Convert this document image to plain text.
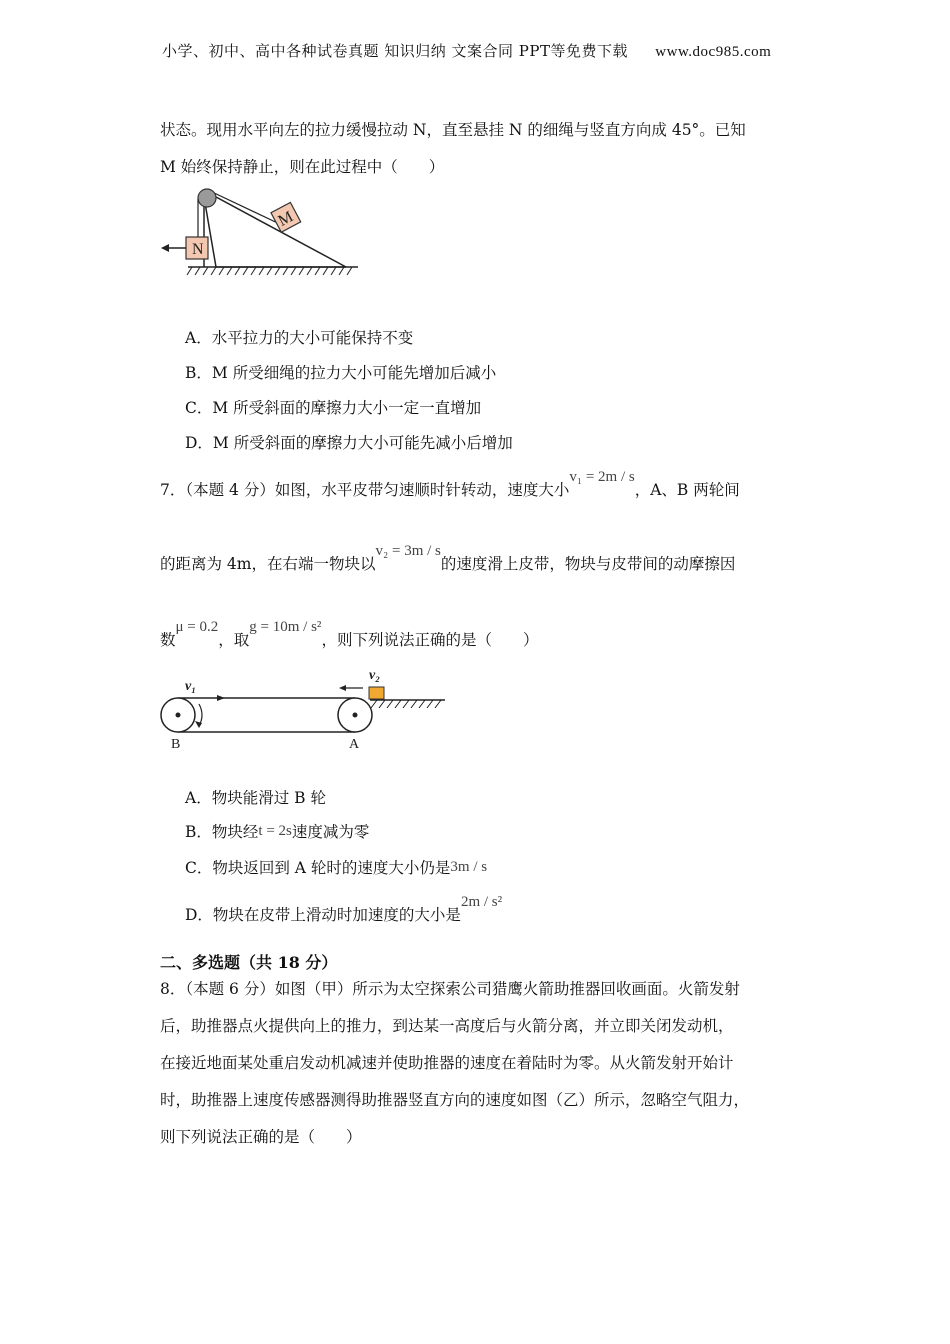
小学、初中、高中各种试卷真题 知识归纳 文案合同 PPT等免费下载 www.doc985.com
状态。现用水平向左的拉力缓慢拉动 N，直至悬挂 N 的细绳与竖直方向成 45°。已知
M 始终保持静止，则在此过程中（　　）
N
M
A．水平拉力的大小可能保持不变
B．M 所受细绳的拉力大小可能先增加后减小
C．M 所受斜面的摩擦力大小一定一直增加
D．M 所受斜面的摩擦力大小可能先减小后增加
7．（本题 4 分）如图，水平皮带匀速顺时针转动，速度大小v₁ = 2m / s，A、B 两轮间
的距离为 4m，在右端一物块以v₂ = 3m / s的速度滑上皮带，物块与皮带间的动摩擦因
数μ = 0.2，取g = 10m / s²，则下列说法正确的是（　　）
v₂
v₁
B	A
A．物块能滑过 B 轮
B．物块经t = 2s速度减为零
C．物块返回到 A 轮时的速度大小仍是3m / s
D．物块在皮带上滑动时加速度的大小是2m / s²
二、多选题（共 18 分）
8．（本题 6 分）如图（甲）所示为太空探索公司猎鹰火箭助推器回收画面。火箭发射
后，助推器点火提供向上的推力，到达某一高度后与火箭分离，并立即关闭发动机，
在接近地面某处重启发动机减速并使助推器的速度在着陆时为零。从火箭发射开始计
时，助推器上速度传感器测得助推器竖直方向的速度如图（乙）所示，忽略空气阻力，
则下列说法正确的是（　　）
